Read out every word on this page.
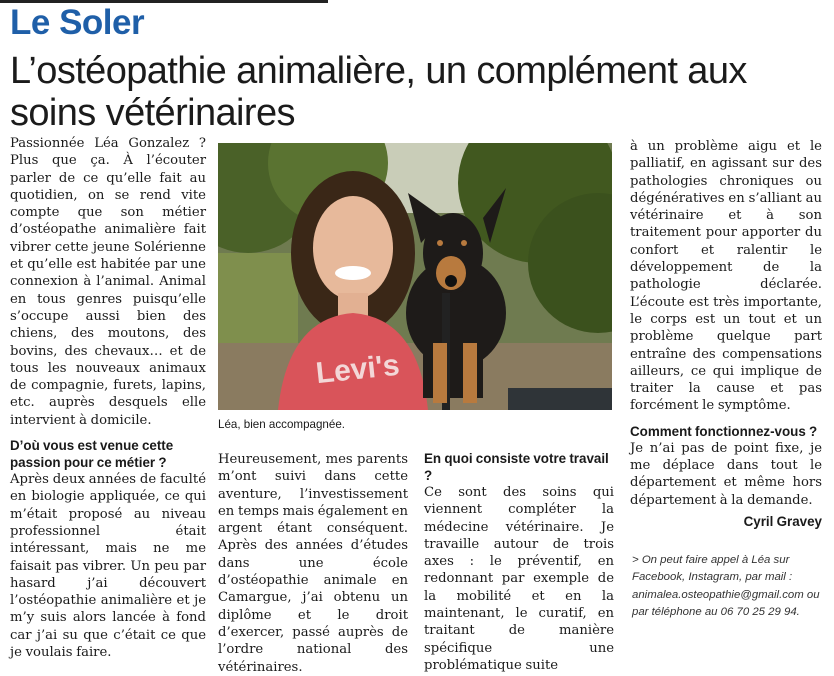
Le Soler
L’ostéopathie animalière, un complément aux soins vétérinaires

Passionnée Léa Gonzalez ? Plus que ça. À l’écouter parler de ce qu’elle fait au quotidien, on se rend vite compte que son métier d’ostéopathe animalière fait vibrer cette jeune Solérienne et qu’elle est habitée par une connexion à l’animal. Animal en tous genres puisqu’elle s’occupe aussi bien des chiens, des moutons, des bovins, des chevaux… et de tous les nouveaux animaux de compagnie, furets, lapins, etc. auprès desquels elle intervient à domicile.

D’où vous est venue cette passion pour ce métier ?

Après deux années de faculté en biologie appliquée, ce qui m’était proposé au niveau professionnel était intéressant, mais ne me faisait pas vibrer. Un peu par hasard j’ai découvert l’ostéopathie animalière et je m’y suis alors lancée à fond car j’ai su que c’était ce que je voulais faire.

Levi's
Léa, bien accompagnée.

Heureusement, mes parents m’ont suivi dans cette aventure, l’investissement en temps mais également en argent étant conséquent. Après des années d’études dans une école d’ostéopathie animale en Camargue, j’ai obtenu un diplôme et le droit d’exercer, passé auprès de l’ordre national des vétérinaires.

En quoi consiste votre travail ?

Ce sont des soins qui viennent compléter la médecine vétérinaire. Je travaille autour de trois axes : le préventif, en redonnant par exemple de la mobilité et en la maintenant, le curatif, en traitant de manière spécifique une problématique suite

à un problème aigu et le palliatif, en agissant sur des pathologies chroniques ou dégénératives en s’alliant au vétérinaire et à son traitement pour apporter du confort et ralentir le développement de la pathologie déclarée. L’écoute est très importante, le corps est un tout et un problème quelque part entraîne des compensations ailleurs, ce qui implique de traiter la cause et pas forcément le symptôme.

Comment fonctionnez-vous ?

Je n’ai pas de point fixe, je me déplace dans tout le département et même hors département à la demande.

Cyril Gravey
> On peut faire appel à Léa sur Facebook, Instagram, par mail : animalea.osteopathie@gmail.com ou par téléphone au 06 70 25 29 94.
